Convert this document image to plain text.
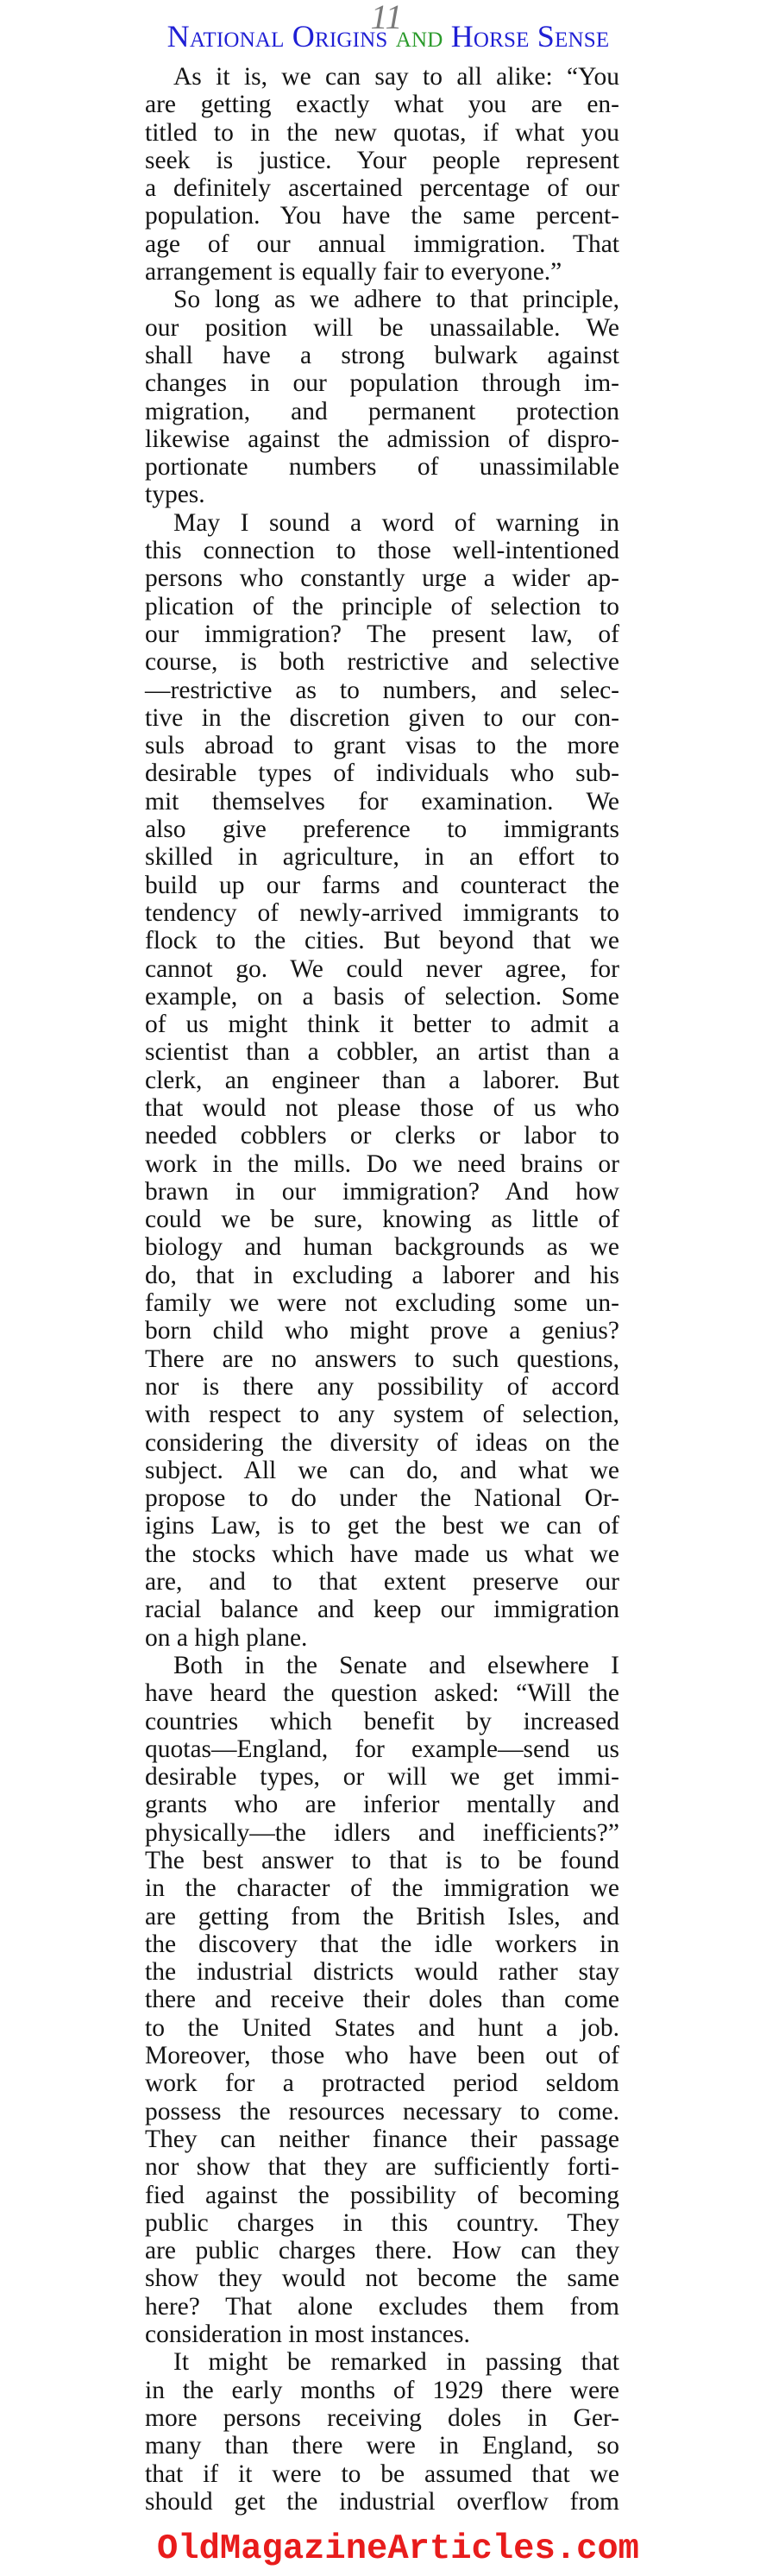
11
National Origins and Horse Sense
As it is, we can say to all alike: “You
are getting exactly what you are en-
titled to in the new quotas, if what you
seek is justice. Your people represent
a definitely ascertained percentage of our
population. You have the same percent-
age of our annual immigration. That
arrangement is equally fair to everyone.”
So long as we adhere to that principle,
our position will be unassailable. We
shall have a strong bulwark against
changes in our population through im-
migration, and permanent protection
likewise against the admission of dispro-
portionate numbers of unassimilable
types.
May I sound a word of warning in
this connection to those well-intentioned
persons who constantly urge a wider ap-
plication of the principle of selection to
our immigration? The present law, of
course, is both restrictive and selective
—restrictive as to numbers, and selec-
tive in the discretion given to our con-
suls abroad to grant visas to the more
desirable types of individuals who sub-
mit themselves for examination. We
also give preference to immigrants
skilled in agriculture, in an effort to
build up our farms and counteract the
tendency of newly-arrived immigrants to
flock to the cities. But beyond that we
cannot go. We could never agree, for
example, on a basis of selection. Some
of us might think it better to admit a
scientist than a cobbler, an artist than a
clerk, an engineer than a laborer. But
that would not please those of us who
needed cobblers or clerks or labor to
work in the mills. Do we need brains or
brawn in our immigration? And how
could we be sure, knowing as little of
biology and human backgrounds as we
do, that in excluding a laborer and his
family we were not excluding some un-
born child who might prove a genius?
There are no answers to such questions,
nor is there any possibility of accord
with respect to any system of selection,
considering the diversity of ideas on the
subject. All we can do, and what we
propose to do under the National Or-
igins Law, is to get the best we can of
the stocks which have made us what we
are, and to that extent preserve our
racial balance and keep our immigration
on a high plane.
Both in the Senate and elsewhere I
have heard the question asked: “Will the
countries which benefit by increased
quotas—England, for example—send us
desirable types, or will we get immi-
grants who are inferior mentally and
physically—the idlers and inefficients?”
The best answer to that is to be found
in the character of the immigration we
are getting from the British Isles, and
the discovery that the idle workers in
the industrial districts would rather stay
there and receive their doles than come
to the United States and hunt a job.
Moreover, those who have been out of
work for a protracted period seldom
possess the resources necessary to come.
They can neither finance their passage
nor show that they are sufficiently forti-
fied against the possibility of becoming
public charges in this country. They
are public charges there. How can they
show they would not become the same
here? That alone excludes them from
consideration in most instances.
It might be remarked in passing that
in the early months of 1929 there were
more persons receiving doles in Ger-
many than there were in England, so
that if it were to be assumed that we
should get the industrial overflow from
OldMagazineArticles.com
